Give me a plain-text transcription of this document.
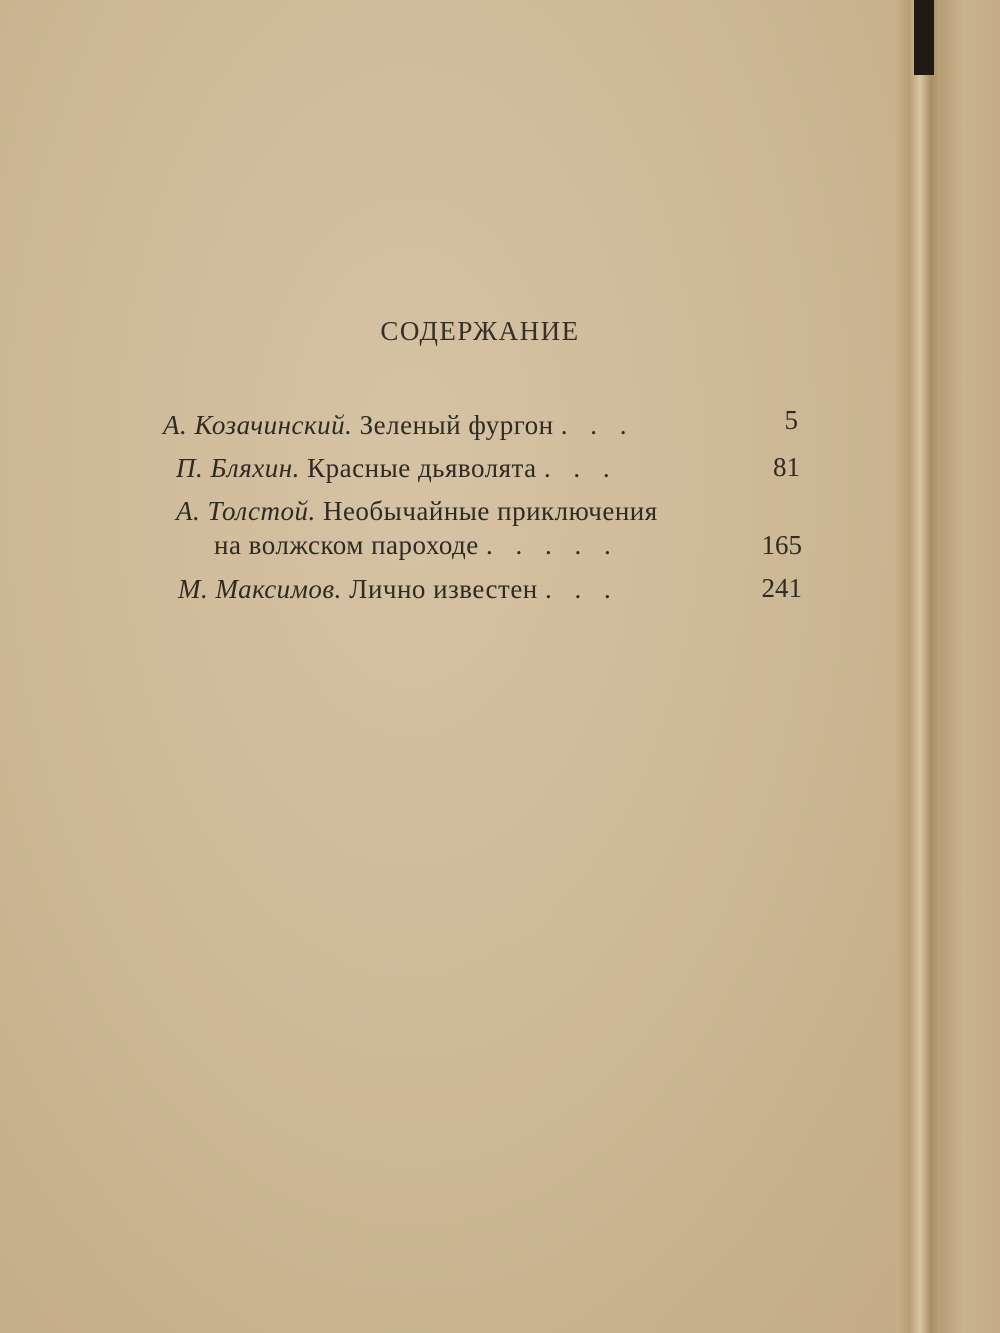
СОДЕРЖАНИЕ
А. Козачинский. Зеленый фургон . . .	5
П. Бляхин. Красные дьяволята . . .	81
А. Толстой. Необычайные приключения
на волжском пароходе . . . . .	165
М. Максимов. Лично известен . . .	241
